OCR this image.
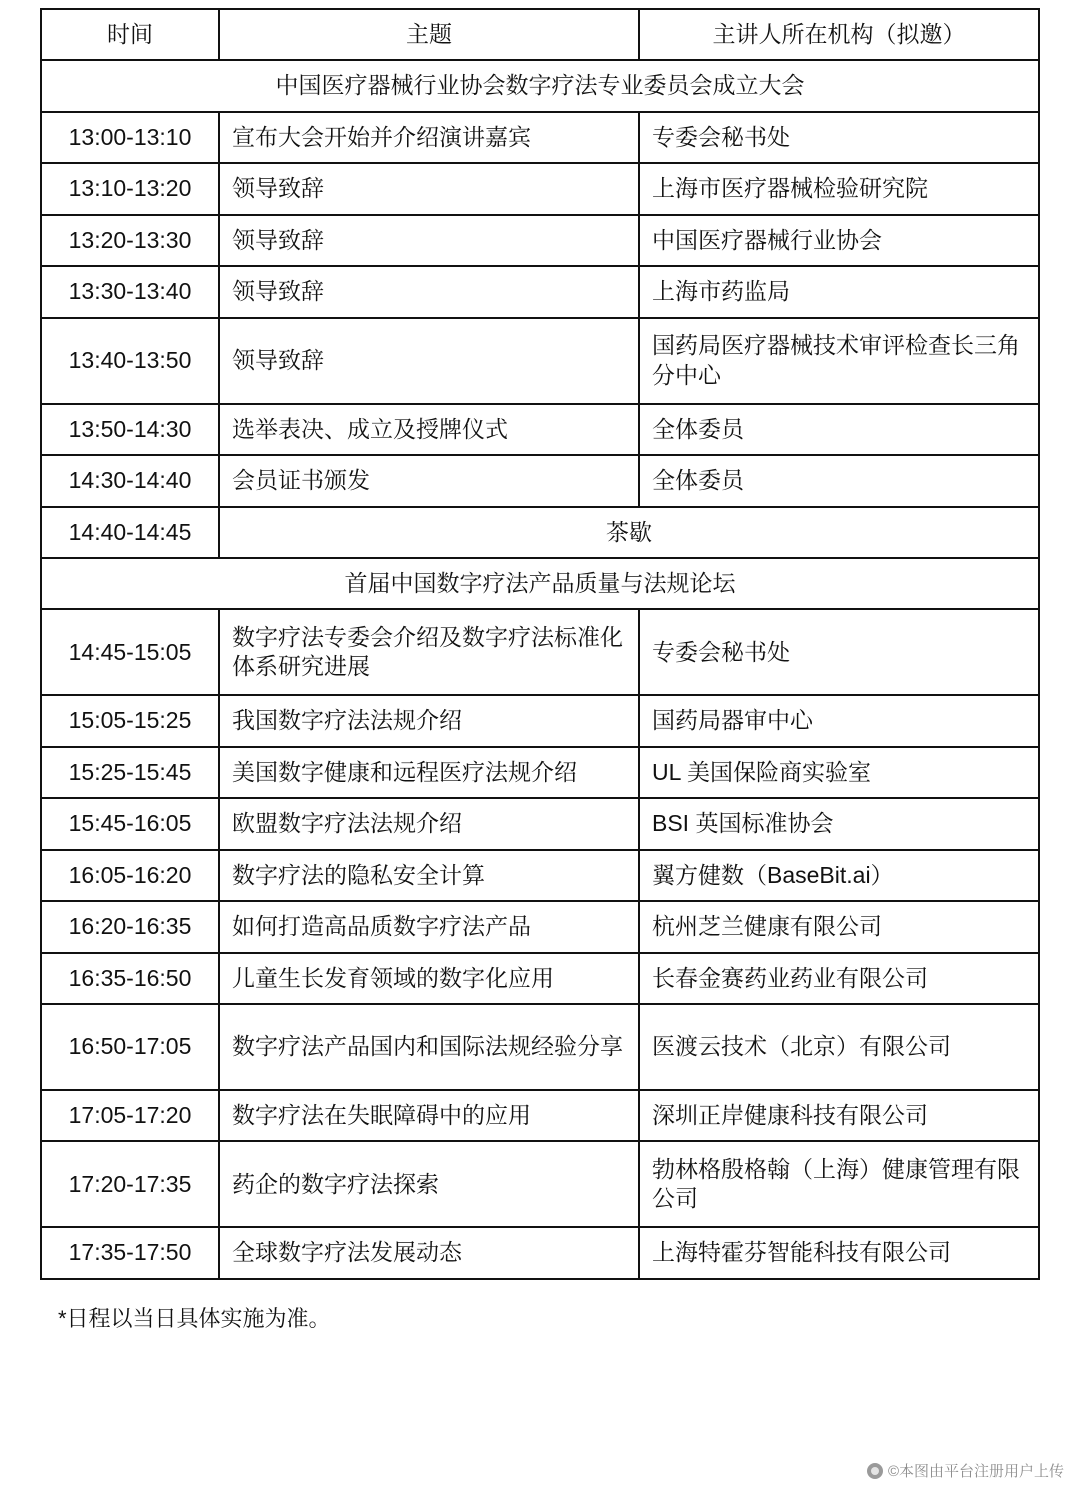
时间	主题	主讲人所在机构（拟邀）
中国医疗器械行业协会数字疗法专业委员会成立大会		
13:00-13:10	宣布大会开始并介绍演讲嘉宾	专委会秘书处
13:10-13:20	领导致辞	上海市医疗器械检验研究院
13:20-13:30	领导致辞	中国医疗器械行业协会
13:30-13:40	领导致辞	上海市药监局
13:40-13:50	领导致辞	国药局医疗器械技术审评检查长三角分中心
13:50-14:30	选举表决、成立及授牌仪式	全体委员
14:30-14:40	会员证书颁发	全体委员
14:40-14:45	茶歇	
首届中国数字疗法产品质量与法规论坛		
14:45-15:05	数字疗法专委会介绍及数字疗法标准化体系研究进展	专委会秘书处
15:05-15:25	我国数字疗法法规介绍	国药局器审中心
15:25-15:45	美国数字健康和远程医疗法规介绍	UL 美国保险商实验室
15:45-16:05	欧盟数字疗法法规介绍	BSI 英国标准协会
16:05-16:20	数字疗法的隐私安全计算	翼方健数（BaseBit.ai）
16:20-16:35	如何打造高品质数字疗法产品	杭州芝兰健康有限公司
16:35-16:50	儿童生长发育领域的数字化应用	长春金赛药业药业有限公司
16:50-17:05	数字疗法产品国内和国际法规经验分享	医渡云技术（北京）有限公司
17:05-17:20	数字疗法在失眠障碍中的应用	深圳正岸健康科技有限公司
17:20-17:35	药企的数字疗法探索	勃林格殷格翰（上海）健康管理有限公司
17:35-17:50	全球数字疗法发展动态	上海特霍芬智能科技有限公司
*日程以当日具体实施为准。
©本图由平台注册用户上传
